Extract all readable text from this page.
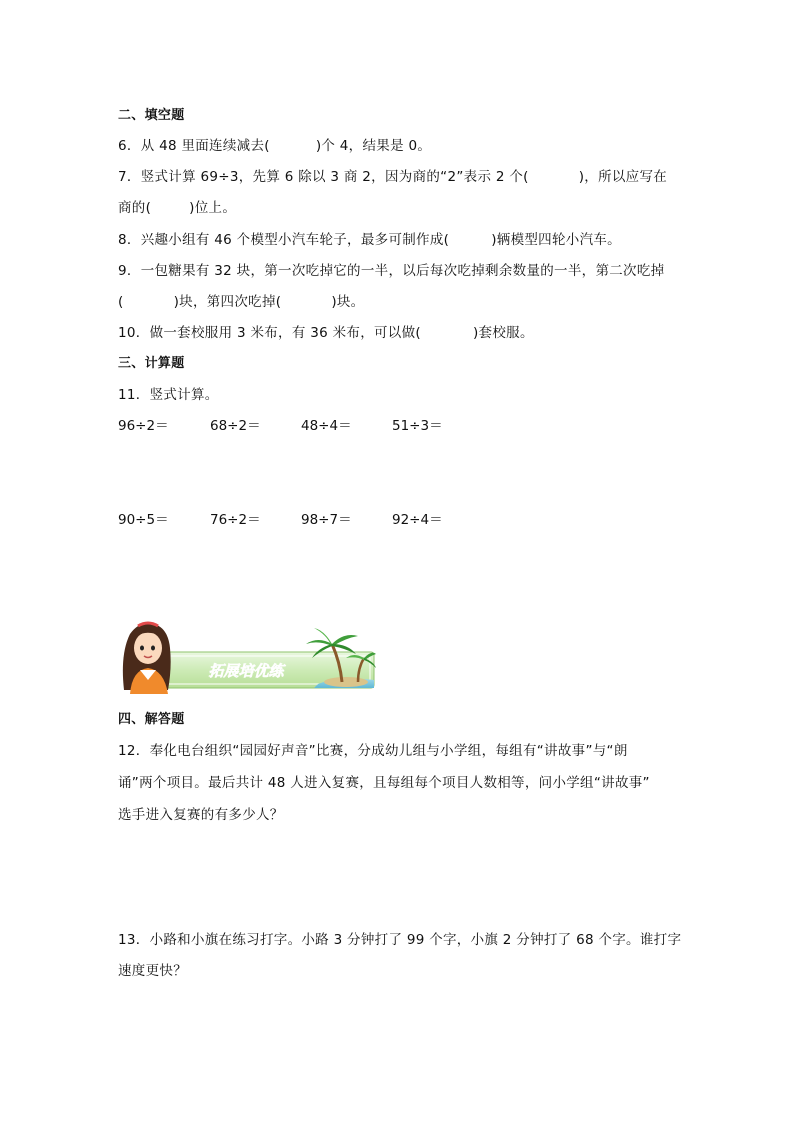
二、填空题
6．从 48 里面连续减去(	)个 4，结果是 0。
7．竖式计算 69÷3，先算 6 除以 3 商 2，因为商的“2”表示 2 个(	)，所以应写在
商的(	)位上。
8．兴趣小组有 46 个模型小汽车轮子，最多可制作成(	)辆模型四轮小汽车。
9．一包糖果有 32 块，第一次吃掉它的一半，以后每次吃掉剩余数量的一半，第二次吃掉
(	)块，第四次吃掉(	)块。
10．做一套校服用 3 米布，有 36 米布，可以做(	)套校服。
三、计算题
11．竖式计算。
96÷2＝	68÷2＝	48÷4＝	51÷3＝
90÷5＝	76÷2＝	98÷7＝	92÷4＝
拓展培优练
四、解答题
12．奉化电台组织“园园好声音”比赛，分成幼儿组与小学组，每组有“讲故事”与“朗
诵”两个项目。最后共计 48 人进入复赛，且每组每个项目人数相等，问小学组“讲故事”
选手进入复赛的有多少人？
13．小路和小旗在练习打字。小路 3 分钟打了 99 个字，小旗 2 分钟打了 68 个字。谁打字
速度更快？
